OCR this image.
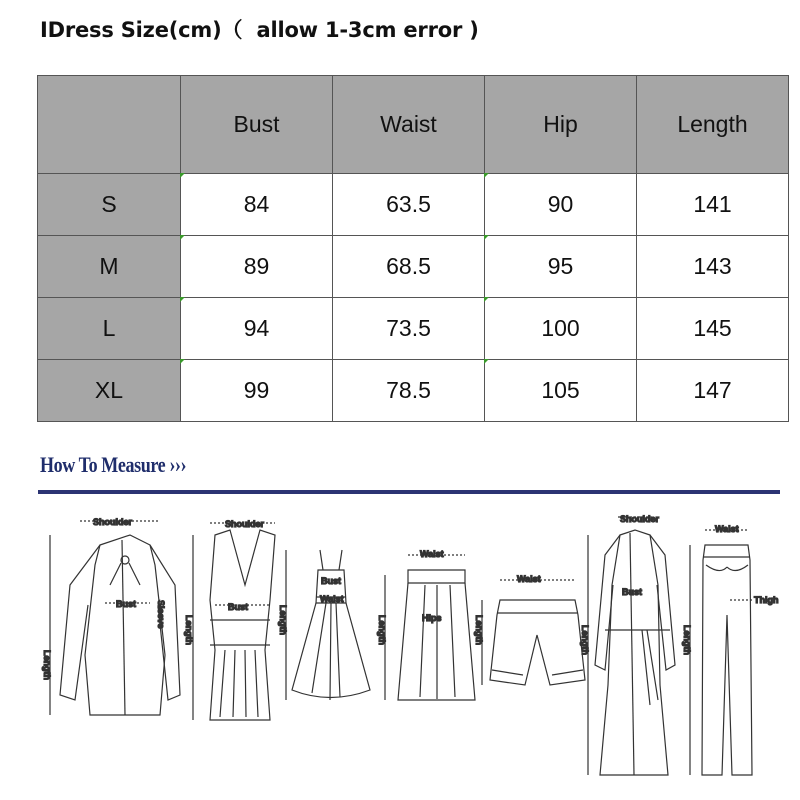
IDress Size(cm)（  allow 1-3cm error )
	Bust	Waist	Hip	Length
S	84	63.5	90	141
M	89	68.5	95	143
L	94	73.5	100	145
XL	99	78.5	105	147
How To Measure ›››
Shoulder
Bust
Length
Sleeve
Shoulder
Bust
Length
Bust
Waist
Length
Waist
Hips
Length
Waist
Length
Shoulder
Bust
Length
Waist
Thigh
Length
